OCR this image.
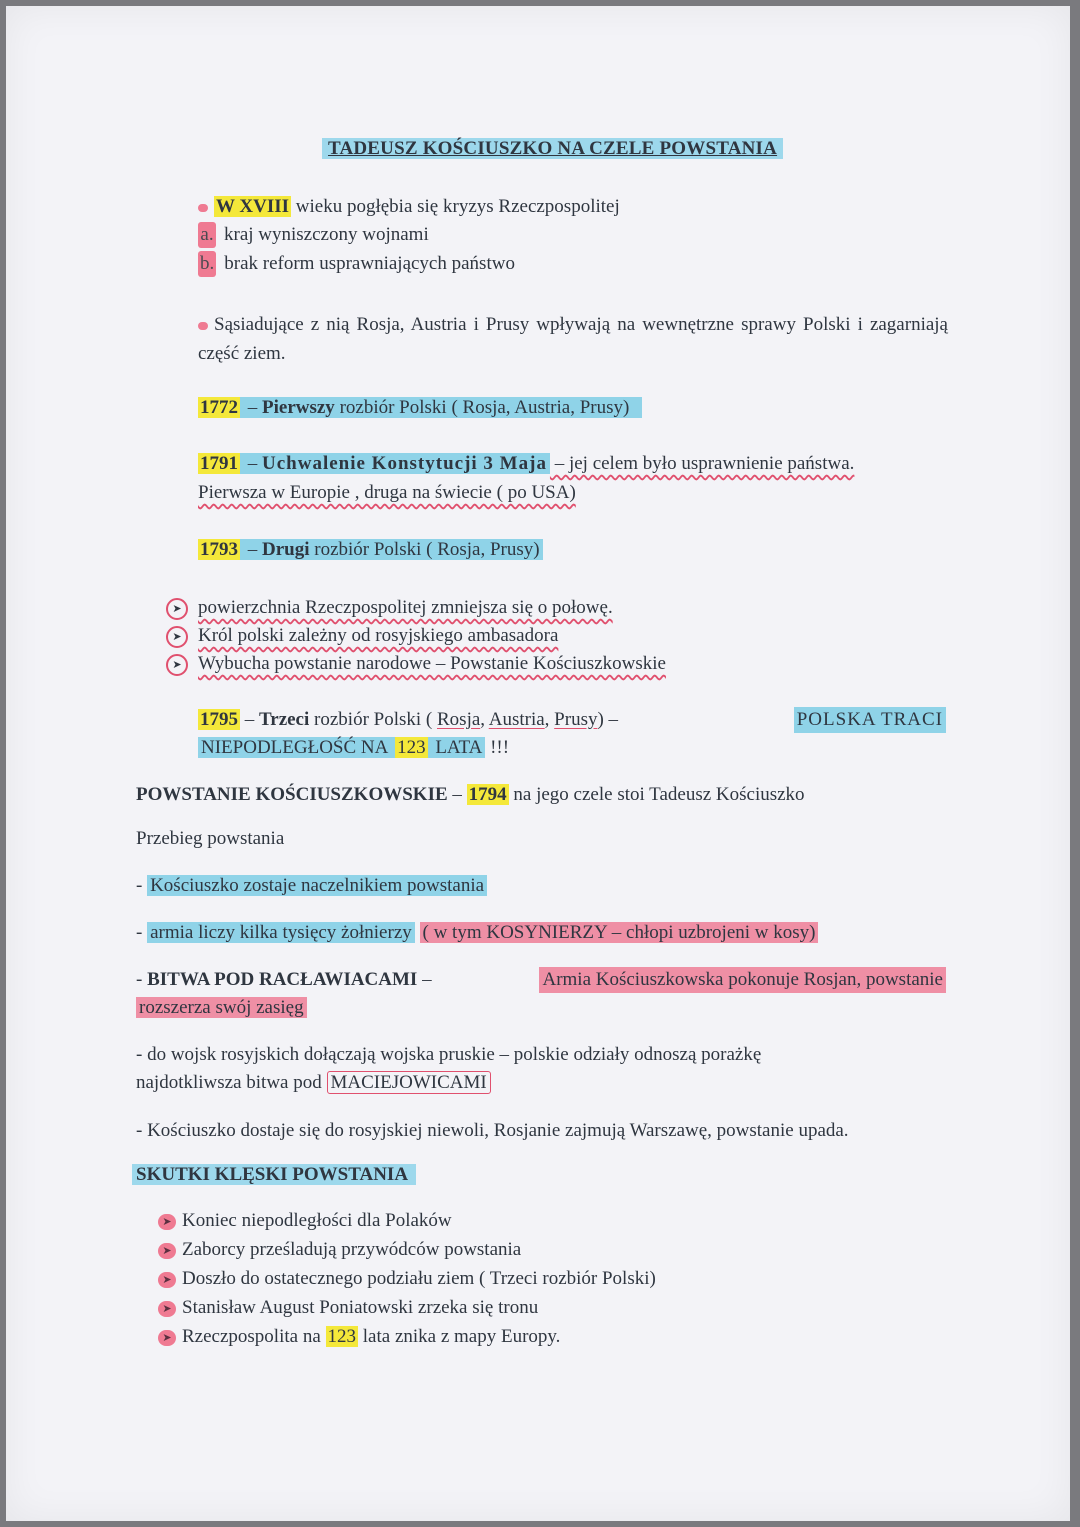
TADEUSZ KOŚCIUSZKO NA CZELE POWSTANIA
W XVIII wieku pogłębia się kryzys Rzeczpospolitej
a. kraj wyniszczony wojnami
b. brak reform usprawniających państwo
Sąsiadujące z nią Rosja, Austria i Prusy wpływają na wewnętrzne sprawy Polski i zagarniają część ziem.
1772 – Pierwszy rozbiór Polski ( Rosja, Austria, Prusy)
1791 – Uchwalenie Konstytucji 3 Maja – jej celem było usprawnienie państwa.
Pierwsza w Europie , druga na świecie ( po USA)
1793 – Drugi rozbiór Polski ( Rosja, Prusy)
➤ powierzchnia Rzeczpospolitej zmniejsza się o połowę.
➤ Król polski zależny od rosyjskiego ambasadora
➤ Wybucha powstanie narodowe – Powstanie Kościuszkowskie
1795 – Trzeci rozbiór Polski ( Rosja, Austria, Prusy) –	POLSKA TRACI
NIEPODLEGŁOŚĆ NA 123 LATA !!!
POWSTANIE KOŚCIUSZKOWSKIE – 1794 na jego czele stoi Tadeusz Kościuszko
Przebieg powstania
- Kościuszko zostaje naczelnikiem powstania
- armia liczy kilka tysięcy żołnierzy ( w tym KOSYNIERZY – chłopi uzbrojeni w kosy)
- BITWA POD RACŁAWIACAMI –	Armia Kościuszkowska pokonuje Rosjan, powstanie
rozszerza swój zasięg
- do wojsk rosyjskich dołączają wojska pruskie – polskie odziały odnoszą porażkę
najdotkliwsza bitwa pod MACIEJOWICAMI
- Kościuszko dostaje się do rosyjskiej niewoli, Rosjanie zajmują Warszawę, powstanie upada.
SKUTKI KLĘSKI POWSTANIA
➤ Koniec niepodległości dla Polaków
➤ Zaborcy prześladują przywódców powstania
➤ Doszło do ostatecznego podziału ziem ( Trzeci rozbiór Polski)
➤ Stanisław August Poniatowski zrzeka się tronu
➤ Rzeczpospolita na 123 lata znika z mapy Europy.
